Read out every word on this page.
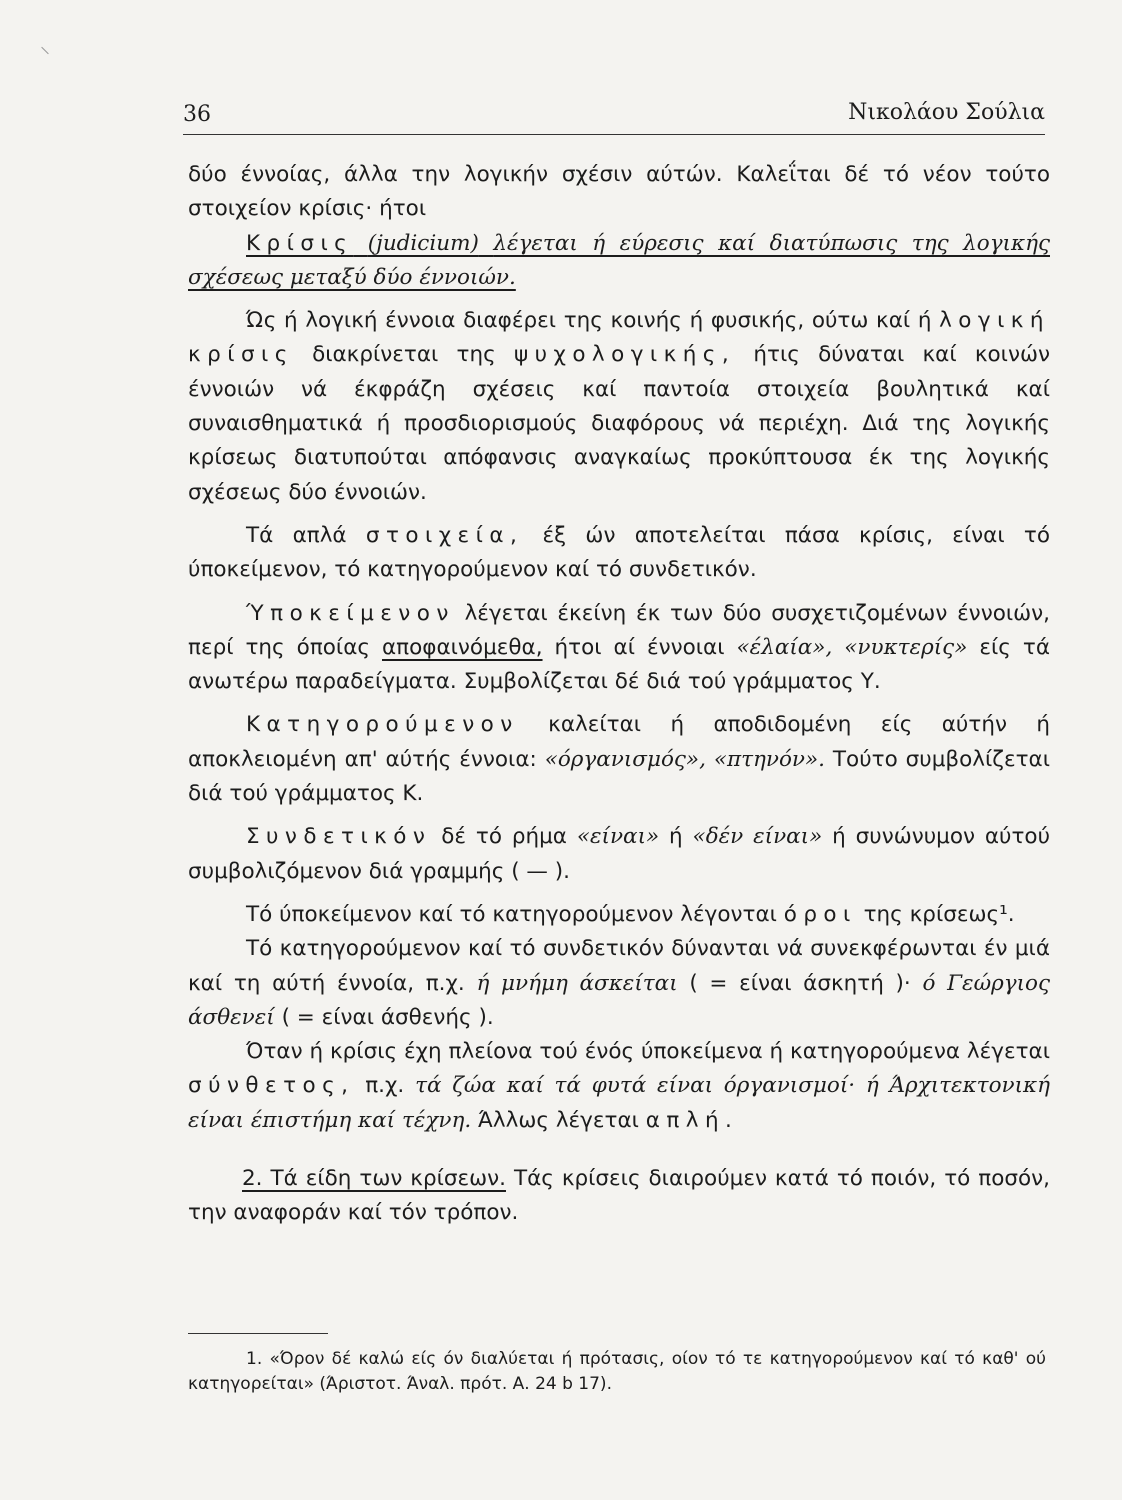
⸌
36	Νικολάου Σούλια

δύο έννοίας, άλλα την λογικήν σχέσιν αύτών. Καλεΐται δέ τό νέον τούτο στοιχείον κρίσις· ήτοι

Κρίσις (judicium) λέγεται ή εύρεσις καί διατύπωσις της λογικής σχέσεως μεταξύ δύο έννοιών.

Ώς ή λογική έννοια διαφέρει της κοινής ή φυσικής, ούτω καί ή λογική κρίσις διακρίνεται της ψυχολογικής, ήτις δύναται καί κοινών έννοιών νά έκφράζη σχέσεις καί παντοία στοιχεία βουλητικά καί συναισθηματικά ή προσδιορισμούς διαφόρους νά περιέχη. Διά της λογικής κρίσεως διατυπούται απόφανσις αναγκαίως προκύπτουσα έκ της λογικής σχέσεως δύο έννοιών.

Τά απλά στοιχεία, έξ ών αποτελείται πάσα κρίσις, είναι τό ύποκείμενον, τό κατηγορούμενον καί τό συνδετικόν.

Ύποκείμενον λέγεται έκείνη έκ των δύο συσχετιζομένων έννοιών, περί της όποίας αποφαινόμεθα, ήτοι αί έννοιαι «έλαία», «νυκτερίς» είς τά ανωτέρω παραδείγματα. Συμβολίζεται δέ διά τού γράμματος Υ.

Κατηγορούμενον καλείται ή αποδιδομένη είς αύτήν ή αποκλειομένη απ' αύτής έννοια: «όργανισμός», «πτηνόν». Τούτο συμβολίζεται διά τού γράμματος Κ.

Συνδετικόν δέ τό ρήμα «είναι» ή «δέν είναι» ή συνώνυμον αύτού συμβολιζόμενον διά γραμμής ( — ).

Τό ύποκείμενον καί τό κατηγορούμενον λέγονται όροι της κρίσεως¹.

Τό κατηγορούμενον καί τό συνδετικόν δύνανται νά συνεκφέρωνται έν μιά καί τη αύτή έννοία, π.χ. ή μνήμη άσκείται ( = είναι άσκητή )· ό Γεώργιος άσθενεί ( = είναι άσθενής ).

Όταν ή κρίσις έχη πλείονα τού ένός ύποκείμενα ή κατηγορούμενα λέγεται σύνθετος, π.χ. τά ζώα καί τά φυτά είναι όργανισμοί· ή Άρχιτεκτονική είναι έπιστήμη καί τέχνη. Άλλως λέγεται απλή.

2. Τά είδη των κρίσεων. Τάς κρίσεις διαιρούμεν κατά τό ποιόν, τό ποσόν, την αναφοράν καί τόν τρόπον.

1. «Όρον δέ καλώ είς όν διαλύεται ή πρότασις, οίον τό τε κατηγορούμενον καί τό καθ' ού κατηγορείται» (Άριστοτ. Άναλ. πρότ. Α. 24 b 17).
